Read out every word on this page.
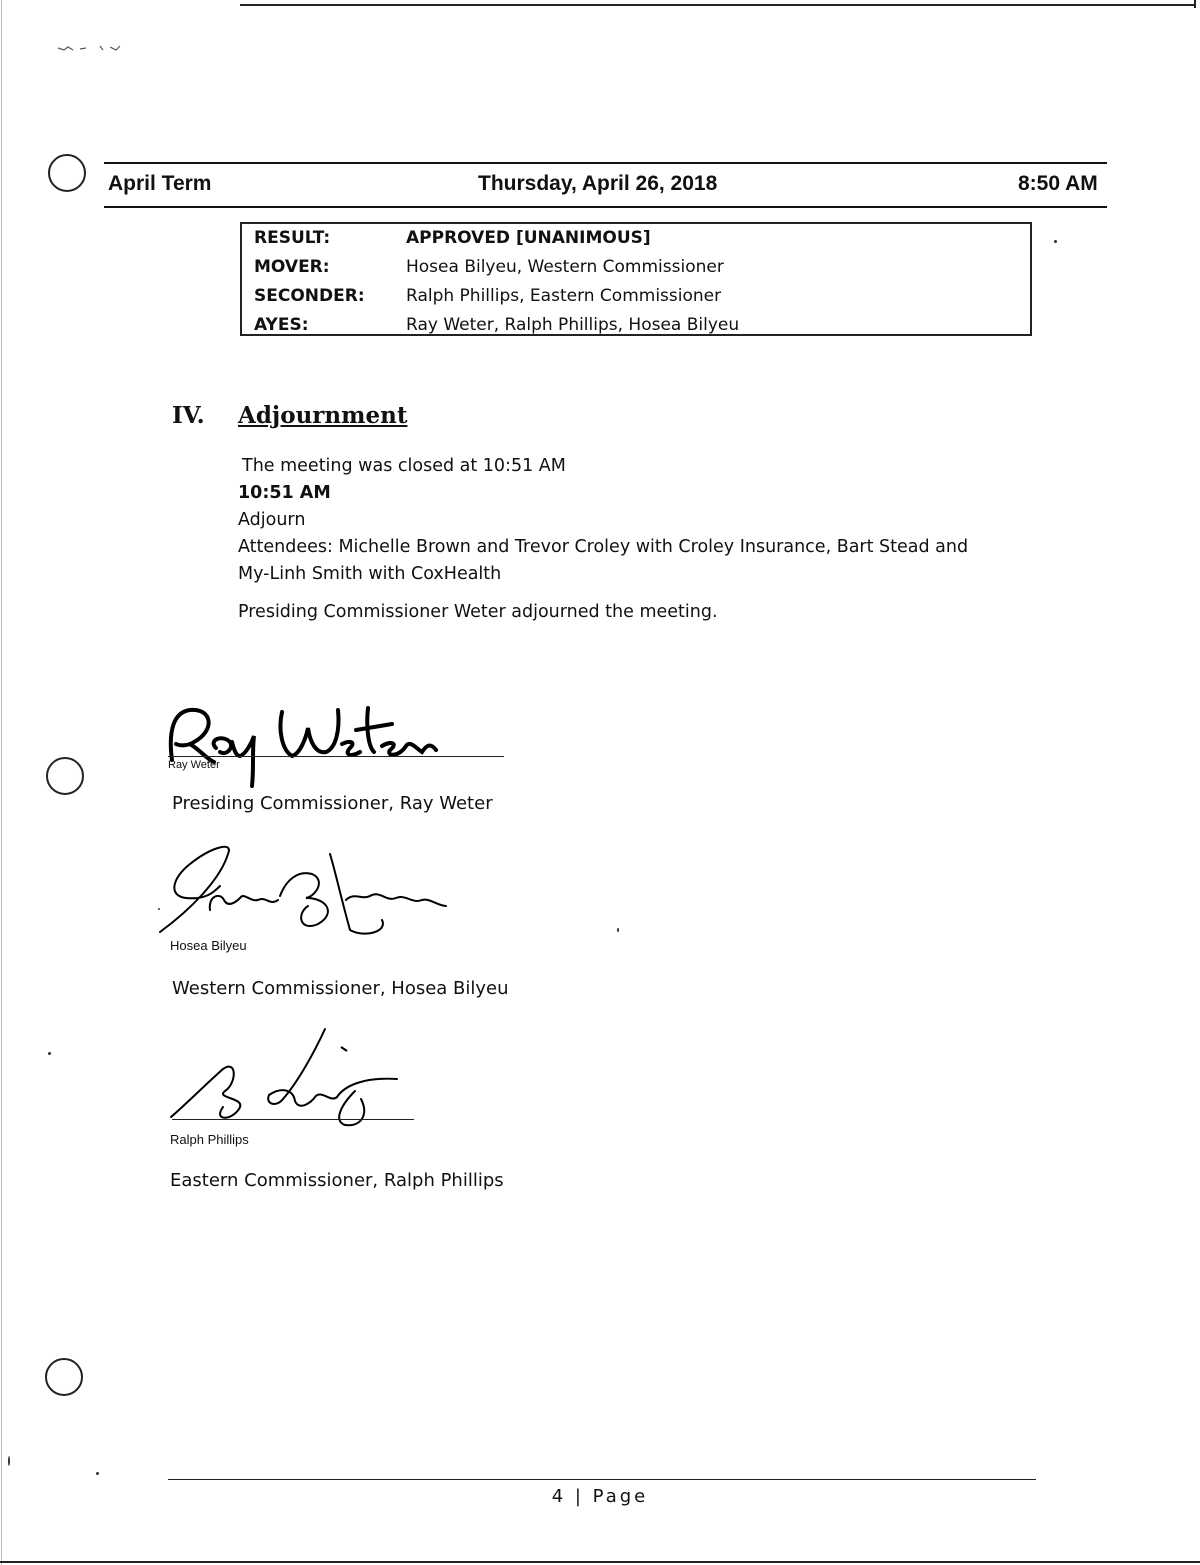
April Term	Thursday, April 26, 2018	8:50 AM
RESULT:	APPROVED [UNANIMOUS]
MOVER:	Hosea Bilyeu, Western Commissioner
SECONDER:	Ralph Phillips, Eastern Commissioner
AYES:	Ray Weter, Ralph Phillips, Hosea Bilyeu
IV. Adjournment
The meeting was closed at 10:51 AM
10:51 AM
Adjourn
Attendees: Michelle Brown and Trevor Croley with Croley Insurance, Bart Stead and
My-Linh Smith with CoxHealth
Presiding Commissioner Weter adjourned the meeting.
Ray Weter
Presiding Commissioner, Ray Weter
Hosea Bilyeu
Western Commissioner, Hosea Bilyeu
Ralph Phillips
Eastern Commissioner, Ralph Phillips
4 | Page
